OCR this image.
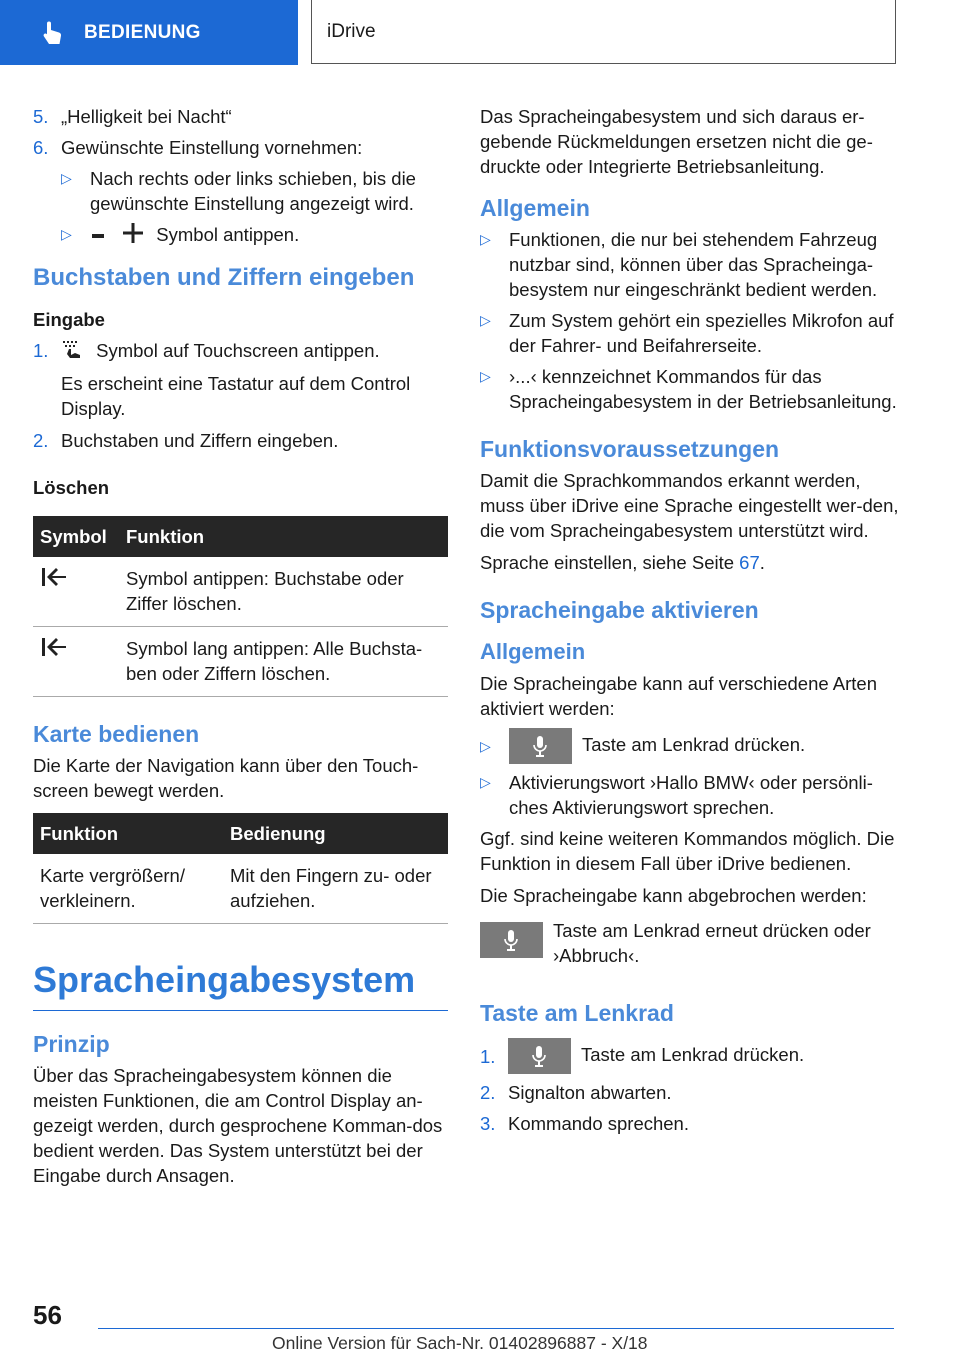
BEDIENUNG	iDrive
5. „Helligkeit bei Nacht“
6. Gewünschte Einstellung vornehmen:
▷ Nach rechts oder links schieben, bis die gewünschte Einstellung angezeigt wird.
▷	Symbol antippen.
Buchstaben und Ziffern eingeben
Eingabe
1.	Symbol auf Touchscreen antippen.

Es erscheint eine Tastatur auf dem Control Display.

2. Buchstaben und Ziffern eingeben.
Löschen
Symbol	Funktion
	Symbol antippen: Buchstabe oder Ziffer löschen.
	Symbol lang antippen: Alle Buchsta-ben oder Ziffern löschen.
Karte bedienen

Die Karte der Navigation kann über den Touch-screen bewegt werden.

Funktion	Bedienung
Karte vergrößern/ verkleinern.	Mit den Fingern zu- oder aufziehen.
Spracheingabesystem
Prinzip

Über das Spracheingabesystem können die meisten Funktionen, die am Control Display an-gezeigt werden, durch gesprochene Komman-dos bedient werden. Das System unterstützt bei der Eingabe durch Ansagen.

Das Spracheingabesystem und sich daraus er-gebende Rückmeldungen ersetzen nicht die ge-druckte oder Integrierte Betriebsanleitung.

Allgemein
▷ Funktionen, die nur bei stehendem Fahrzeug nutzbar sind, können über das Spracheinga-besystem nur eingeschränkt bedient werden.
▷ Zum System gehört ein spezielles Mikrofon auf der Fahrer- und Beifahrerseite.
▷ ›...‹ kennzeichnet Kommandos für das Spracheingabesystem in der Betriebsanleitung.
Funktionsvoraussetzungen

Damit die Sprachkommandos erkannt werden, muss über iDrive eine Sprache eingestellt wer-den, die vom Spracheingabesystem unterstützt wird.

Sprache einstellen, siehe Seite 67.

Spracheingabe aktivieren
Allgemein

Die Spracheingabe kann auf verschiedene Arten aktiviert werden:

▷	Taste am Lenkrad drücken.
▷ Aktivierungswort ›Hallo BMW‹ oder persönli-ches Aktivierungswort sprechen.

Ggf. sind keine weiteren Kommandos möglich. Die Funktion in diesem Fall über iDrive bedienen.

Die Spracheingabe kann abgebrochen werden:

Taste am Lenkrad erneut drücken oder ›Abbruch‹.
Taste am Lenkrad
1.	Taste am Lenkrad drücken.
2. Signalton abwarten.
3. Kommando sprechen.
56
Online Version für Sach-Nr. 01402896887 - X/18
